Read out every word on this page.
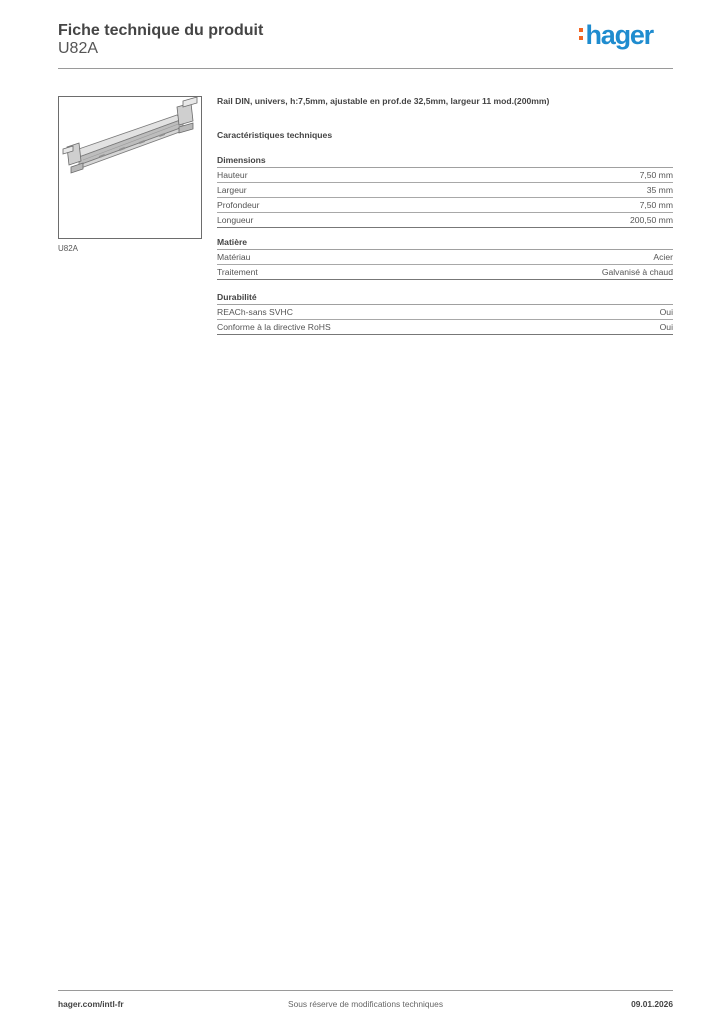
Fiche technique du produit
U82A	hager
U82A
Rail DIN, univers, h:7,5mm, ajustable en prof.de 32,5mm, largeur 11 mod.(200mm)
Caractéristiques techniques
Dimensions
Hauteur	7,50 mm
Largeur	35 mm
Profondeur	7,50 mm
Longueur	200,50 mm
Matière
Matériau	Acier
Traitement	Galvanisé à chaud
Durabilité
REACh-sans SVHC	Oui
Conforme à la directive RoHS	Oui
hager.com/intl-fr	Sous réserve de modifications techniques	09.01.2026
